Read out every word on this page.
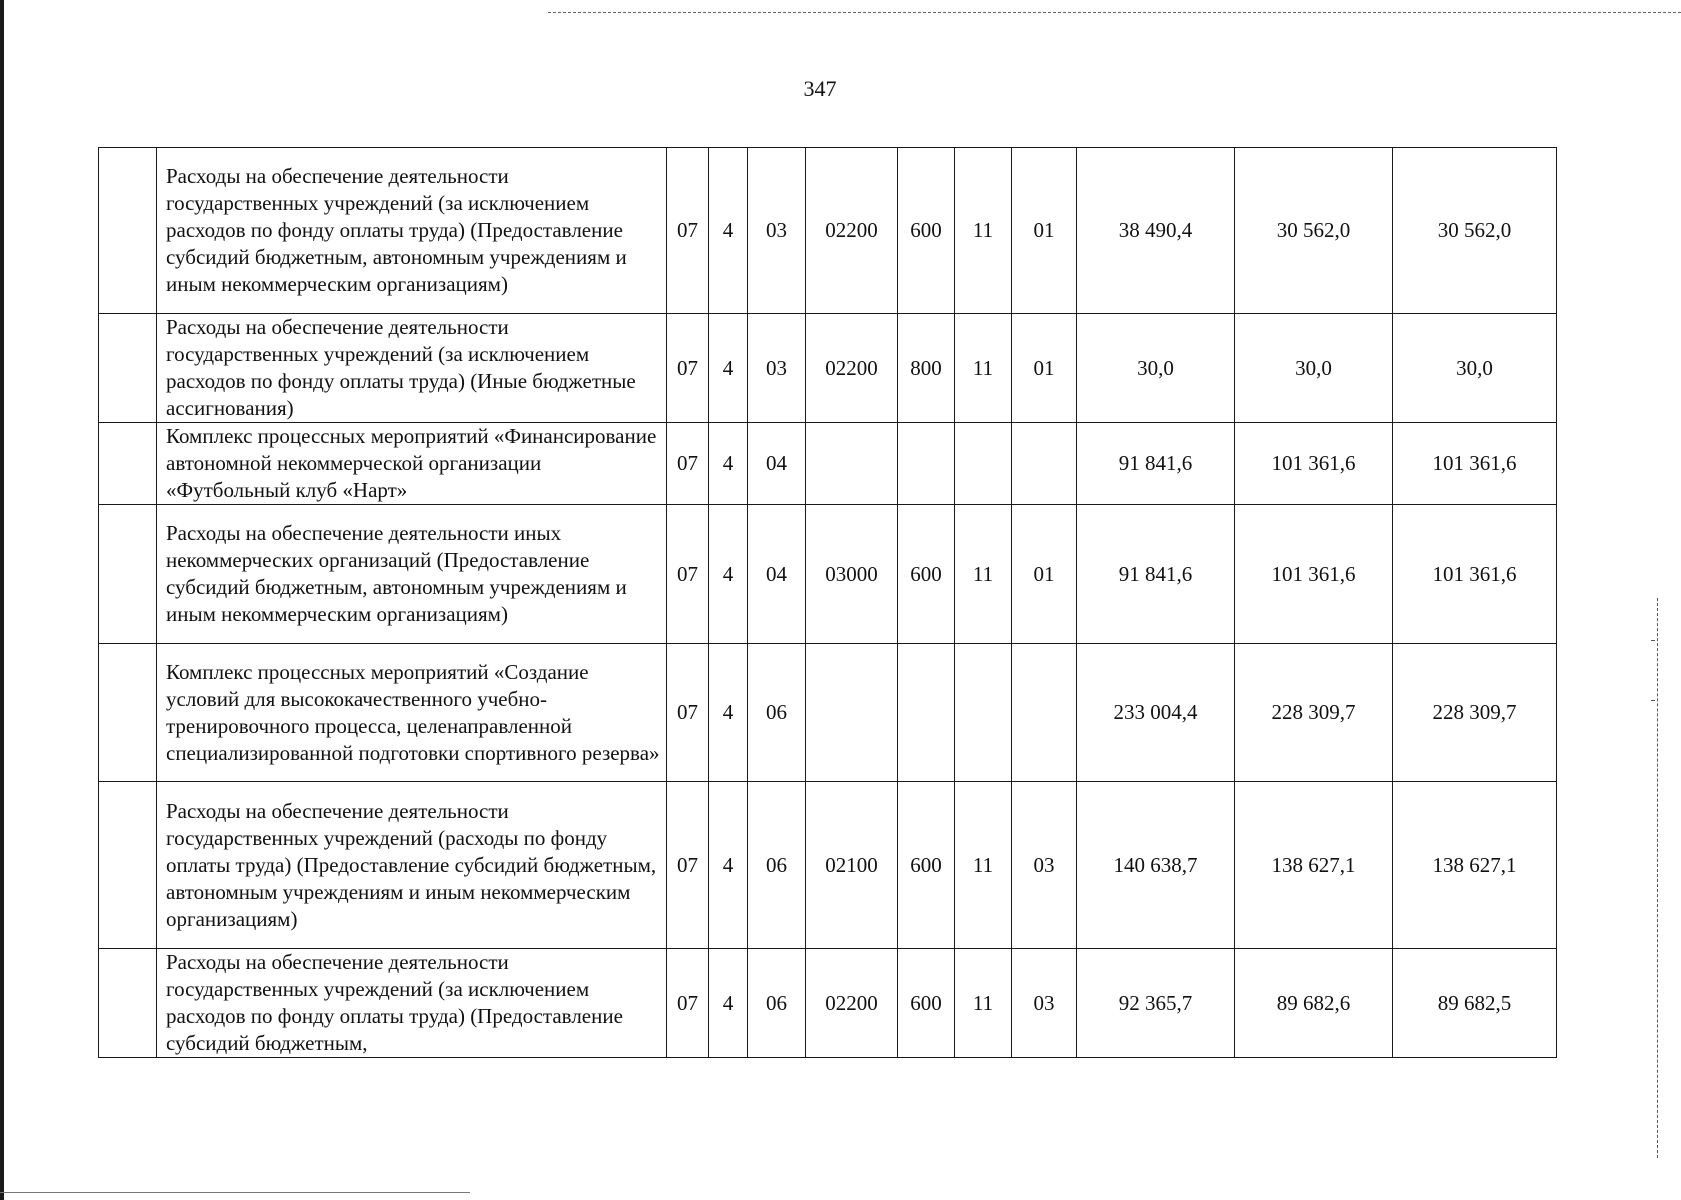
347
	Расходы на обеспечение деятельности государственных учреждений (за исключением расходов по фонду оплаты труда) (Предоставление субсидий бюджетным, автономным учреждениям и иным некоммерческим организациям)	07	4	03	02200	600	11	01	38 490,4	30 562,0	30 562,0
	Расходы на обеспечение деятельности государственных учреждений (за исключением расходов по фонду оплаты труда) (Иные бюджетные ассигнования)	07	4	03	02200	800	11	01	30,0	30,0	30,0
	Комплекс процессных мероприятий «Финансирование автономной некоммерческой организации «Футбольный клуб «Нарт»	07	4	04					91 841,6	101 361,6	101 361,6
	Расходы на обеспечение деятельности иных некоммерческих организаций (Предоставление субсидий бюджетным, автономным учреждениям и иным некоммерческим организациям)	07	4	04	03000	600	11	01	91 841,6	101 361,6	101 361,6
	Комплекс процессных мероприятий «Создание условий для высококачественного учебно-тренировочного процесса, целенаправленной специализированной подготовки спортивного резерва»	07	4	06					233 004,4	228 309,7	228 309,7
	Расходы на обеспечение деятельности государственных учреждений (расходы по фонду оплаты труда) (Предоставление субсидий бюджетным, автономным учреждениям и иным некоммерческим организациям)	07	4	06	02100	600	11	03	140 638,7	138 627,1	138 627,1
	Расходы на обеспечение деятельности государственных учреждений (за исключением расходов по фонду оплаты труда) (Предоставление субсидий бюджетным,	07	4	06	02200	600	11	03	92 365,7	89 682,6	89 682,5
